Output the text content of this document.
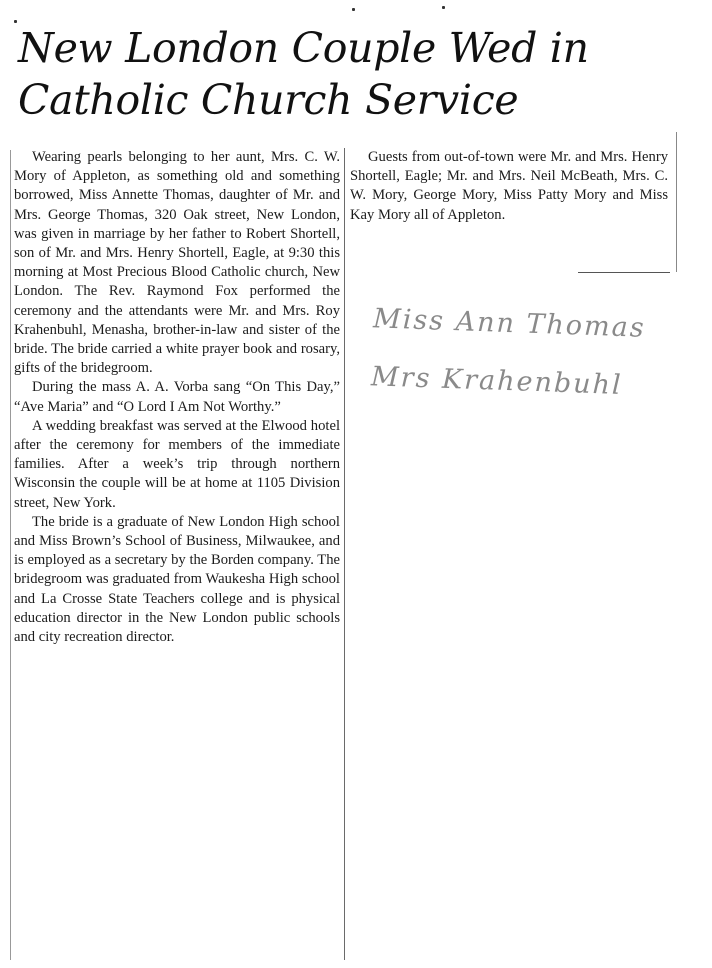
New London Couple Wed in
Catholic Church Service

Wearing pearls belonging to her aunt, Mrs. C. W. Mory of Appleton, as something old and something borrowed, Miss Annette Thomas, daughter of Mr. and Mrs. George Thomas, 320 Oak street, New London, was given in marriage by her father to Robert Shortell, son of Mr. and Mrs. Henry Shortell, Eagle, at 9:30 this morning at Most Precious Blood Catholic church, New London. The Rev. Raymond Fox performed the ceremony and the attendants were Mr. and Mrs. Roy Krahenbuhl, Menasha, brother-in-law and sister of the bride. The bride carried a white prayer book and rosary, gifts of the bridegroom.

During the mass A. A. Vorba sang “On This Day,” “Ave Maria” and “O Lord I Am Not Worthy.”

A wedding breakfast was served at the Elwood hotel after the ceremony for members of the immediate families. After a week’s trip through northern Wisconsin the couple will be at home at 1105 Division street, New York.

The bride is a graduate of New London High school and Miss Brown’s School of Business, Milwaukee, and is employed as a secretary by the Borden company. The bridegroom was graduated from Waukesha High school and La Crosse State Teachers college and is physical education director in the New London public schools and city recreation director.

Guests from out-of-town were Mr. and Mrs. Henry Shortell, Eagle; Mr. and Mrs. Neil McBeath, Mrs. C. W. Mory, George Mory, Miss Patty Mory and Miss Kay Mory all of Appleton.

Miss Ann Thomas
Mrs Krahenbuhl
